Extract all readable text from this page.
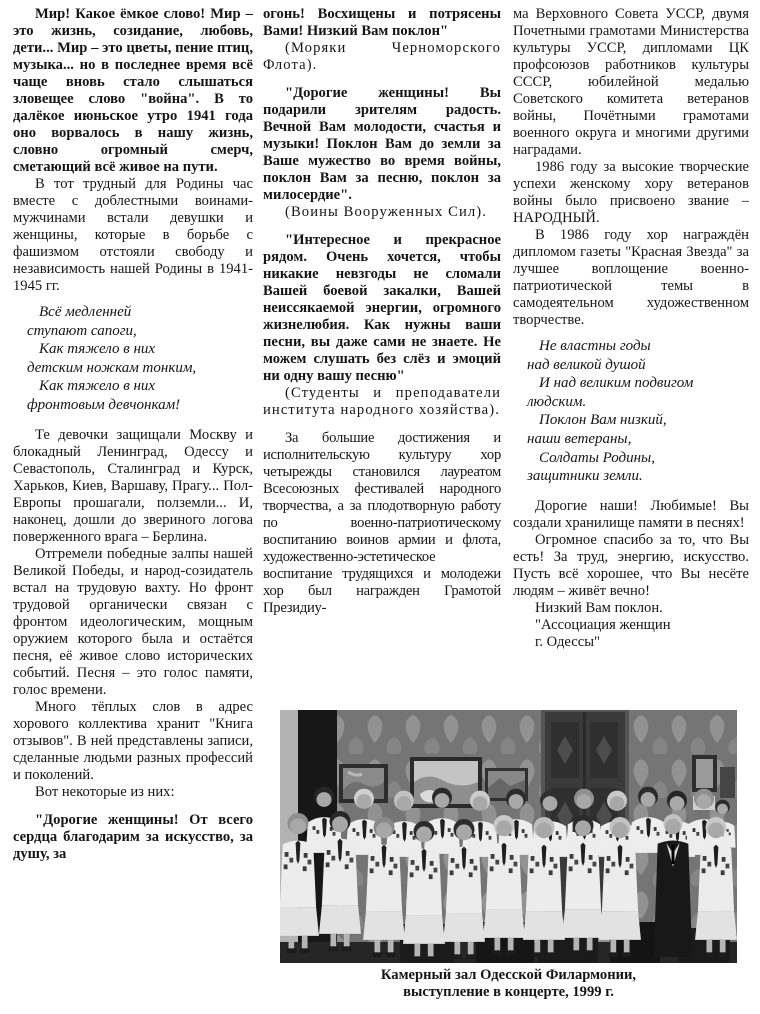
Мир! Какое ёмкое слово! Мир – это жизнь, созидание, любовь, дети... Мир – это цветы, пение птиц, музыка... но в последнее время всё чаще вновь стало слышаться зловещее слово "война". В то далёкое июньское утро 1941 года оно ворвалось в нашу жизнь, словно огромный смерч, сметающий всё живое на пути.

В тот трудный для Родины час вместе с доблестными воинами-мужчинами встали девушки и женщины, которые в борьбе с фашизмом отстояли свободу и независимость нашей Родины в 1941-1945 гг.

Всё медленней
ступают сапоги,
Как тяжело в них
детским ножкам тонким,
Как тяжело в них
фронтовым девчонкам!

Те девочки защищали Москву и блокадный Ленинград, Одессу и Севастополь, Сталинград и Курск, Харьков, Киев, Варшаву, Прагу... Пол-Европы прошагали, полземли... И, наконец, дошли до звериного логова поверженного врага – Берлина.

Отгремели победные залпы нашей Великой Победы, и народ-созидатель встал на трудовую вахту. Но фронт трудовой органически связан с фронтом идеологическим, мощным оружием которого была и остаётся песня, её живое слово исторических событий. Песня – это голос памяти, голос времени.

Много тёплых слов в адрес хорового коллектива хранит "Книга отзывов". В ней представлены записи, сделанные людьми разных профессий и поколений.

Вот некоторые из них:

"Дорогие женщины! От всего сердца благодарим за искусство, за душу, за

огонь! Восхищены и потрясены Вами! Низкий Вам поклон"

(Моряки Черноморского Флота).

"Дорогие женщины! Вы подарили зрителям радость. Вечной Вам молодости, счастья и музыки! Поклон Вам до земли за Ваше мужество во время войны, поклон Вам за песню, поклон за милосердие".

(Воины Вооруженных Сил).

"Интересное и прекрасное рядом. Очень хочется, чтобы никакие невзгоды не сломали Вашей боевой закалки, Вашей неиссякаемой энергии, огромного жизнелюбия. Как нужны ваши песни, вы даже сами не знаете. Не можем слушать без слёз и эмоций ни одну вашу песню"

(Студенты и преподаватели института народного хозяйства).

За большие достижения и исполнительскую культуру хор четырежды становился лауреатом Всесоюзных фестивалей народного творчества, а за плодотворную работу по военно-патриотическому воспитанию воинов армии и флота, художественно-эстетическое воспитание трудящихся и молодежи хор был награжден Грамотой Президиу-

ма Верховного Совета УССР, двумя Почетными грамотами Министерства культуры УССР, дипломами ЦК профсоюзов работников культуры СССР, юбилейной медалью Советского комитета ветеранов войны, Почётными грамотами военного округа и многими другими наградами.

1986 году за высокие творческие успехи женскому хору ветеранов войны было присвоено звание – НАРОДНЫЙ.

В 1986 году хор награждён дипломом газеты "Красная Звезда" за лучшее воплощение военно-патриотической темы в самодеятельном художественном творчестве.

Не властны годы
над великой душой
И над великим подвигом
людским.
Поклон Вам низкий,
наши ветераны,
Солдаты Родины,
защитники земли.

Дорогие наши! Любимые! Вы создали хранилище памяти в песнях!

Огромное спасибо за то, что Вы есть! За труд, энергию, искусство. Пусть всё хорошее, что Вы несёте людям – живёт вечно!

Низкий Вам поклон.

"Ассоциация женщин

г. Одессы"

Камерный зал Одесской Филармонии,
выступление в концерте, 1999 г.
